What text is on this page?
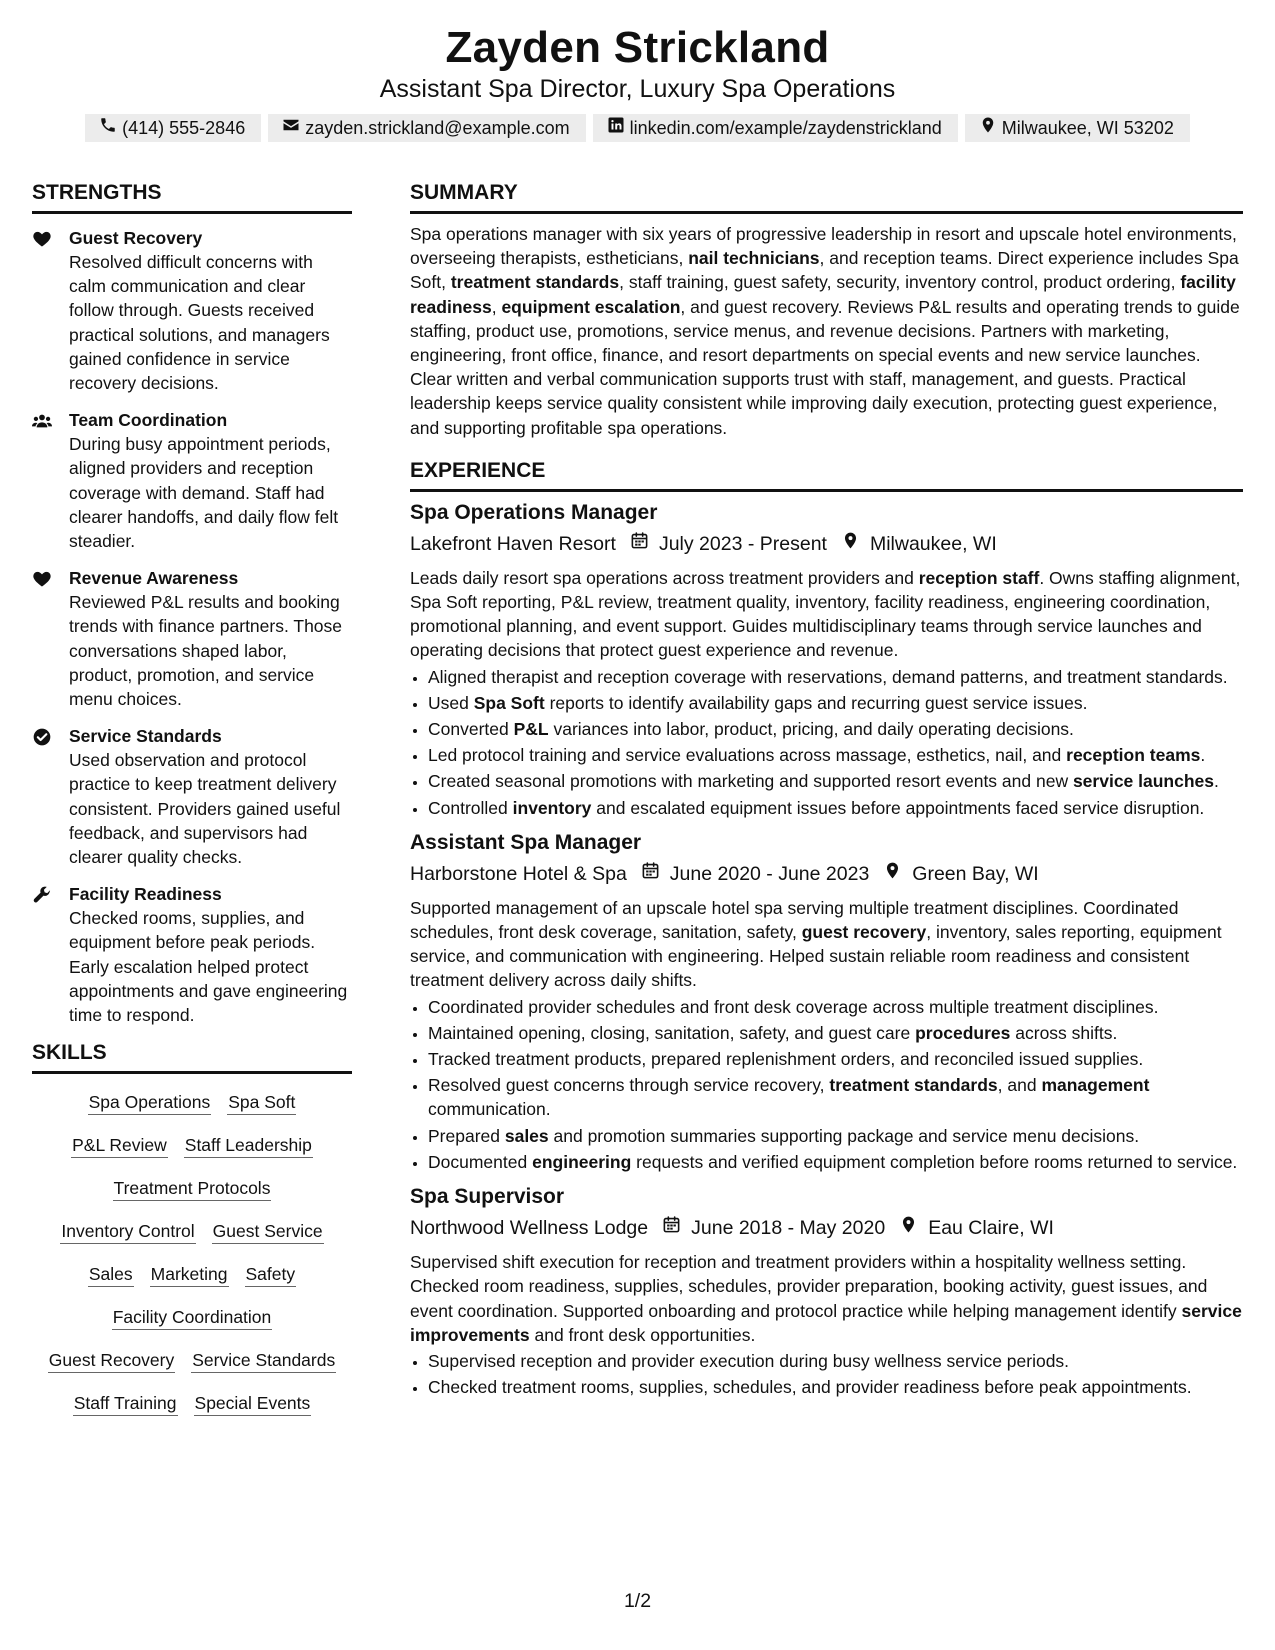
Zayden Strickland
Assistant Spa Director, Luxury Spa Operations
(414) 555-2846	zayden.strickland@example.com	linkedin.com/example/zaydenstrickland	Milwaukee, WI 53202
STRENGTHS
Guest Recovery
Resolved difficult concerns with calm communication and clear follow through. Guests received practical solutions, and managers gained confidence in service recovery decisions.
Team Coordination
During busy appointment periods, aligned providers and reception coverage with demand. Staff had clearer handoffs, and daily flow felt steadier.
Revenue Awareness
Reviewed P&L results and booking trends with finance partners. Those conversations shaped labor, product, promotion, and service menu choices.
Service Standards
Used observation and protocol practice to keep treatment delivery consistent. Providers gained useful feedback, and supervisors had clearer quality checks.
Facility Readiness
Checked rooms, supplies, and equipment before peak periods. Early escalation helped protect appointments and gave engineering time to respond.
SKILLS
Spa Operations Spa Soft
P&L Review Staff Leadership
Treatment Protocols
Inventory Control Guest Service
Sales Marketing Safety
Facility Coordination
Guest Recovery Service Standards
Staff Training Special Events
SUMMARY
Spa operations manager with six years of progressive leadership in resort and upscale hotel environments, overseeing therapists, estheticians, nail technicians, and reception teams. Direct experience includes Spa Soft, treatment standards, staff training, guest safety, security, inventory control, product ordering, facility readiness, equipment escalation, and guest recovery. Reviews P&L results and operating trends to guide staffing, product use, promotions, service menus, and revenue decisions. Partners with marketing, engineering, front office, finance, and resort departments on special events and new service launches. Clear written and verbal communication supports trust with staff, management, and guests. Practical leadership keeps service quality consistent while improving daily execution, protecting guest experience, and supporting profitable spa operations.
EXPERIENCE
Spa Operations Manager
Lakefront Haven Resort July 2023 - Present Milwaukee, WI
Leads daily resort spa operations across treatment providers and reception staff. Owns staffing alignment, Spa Soft reporting, P&L review, treatment quality, inventory, facility readiness, engineering coordination, promotional planning, and event support. Guides multidisciplinary teams through service launches and operating decisions that protect guest experience and revenue.
• Aligned therapist and reception coverage with reservations, demand patterns, and treatment standards.
• Used Spa Soft reports to identify availability gaps and recurring guest service issues.
• Converted P&L variances into labor, product, pricing, and daily operating decisions.
• Led protocol training and service evaluations across massage, esthetics, nail, and reception teams.
• Created seasonal promotions with marketing and supported resort events and new service launches.
• Controlled inventory and escalated equipment issues before appointments faced service disruption.
Assistant Spa Manager
Harborstone Hotel & Spa June 2020 - June 2023 Green Bay, WI
Supported management of an upscale hotel spa serving multiple treatment disciplines. Coordinated schedules, front desk coverage, sanitation, safety, guest recovery, inventory, sales reporting, equipment service, and communication with engineering. Helped sustain reliable room readiness and consistent treatment delivery across daily shifts.
• Coordinated provider schedules and front desk coverage across multiple treatment disciplines.
• Maintained opening, closing, sanitation, safety, and guest care procedures across shifts.
• Tracked treatment products, prepared replenishment orders, and reconciled issued supplies.
• Resolved guest concerns through service recovery, treatment standards, and management communication.
• Prepared sales and promotion summaries supporting package and service menu decisions.
• Documented engineering requests and verified equipment completion before rooms returned to service.
Spa Supervisor
Northwood Wellness Lodge June 2018 - May 2020 Eau Claire, WI
Supervised shift execution for reception and treatment providers within a hospitality wellness setting. Checked room readiness, supplies, schedules, provider preparation, booking activity, guest issues, and event coordination. Supported onboarding and protocol practice while helping management identify service improvements and front desk opportunities.
• Supervised reception and provider execution during busy wellness service periods.
• Checked treatment rooms, supplies, schedules, and provider readiness before peak appointments.
1/2
